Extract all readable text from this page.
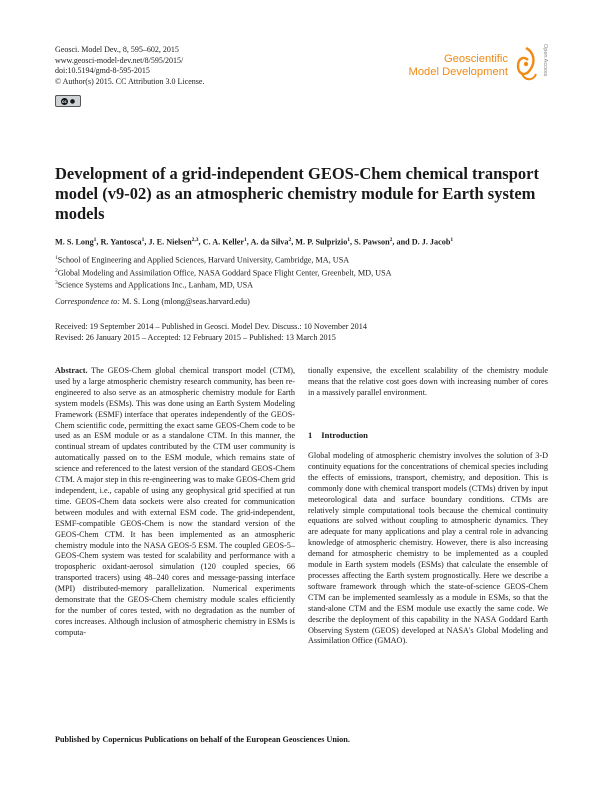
Geosci. Model Dev., 8, 595–602, 2015
www.geosci-model-dev.net/8/595/2015/
doi:10.5194/gmd-8-595-2015
© Author(s) 2015. CC Attribution 3.0 License.
cc ●
Geoscientific
Model Development	Open Access
Development of a grid-independent GEOS-Chem chemical transport model (v9-02) as an atmospheric chemistry module for Earth system models
M. S. Long$^1$, R. Yantosca$^1$, J. E. Nielsen$^{2,3}$, C. A. Keller$^1$, A. da Silva$^2$, M. P. Sulprizio$^1$, S. Pawson$^2$, and D. J. Jacob$^1$
$^1$School of Engineering and Applied Sciences, Harvard University, Cambridge, MA, USA
$^2$Global Modeling and Assimilation Office, NASA Goddard Space Flight Center, Greenbelt, MD, USA
$^3$Science Systems and Applications Inc., Lanham, MD, USA
Correspondence to: M. S. Long (mlong@seas.harvard.edu)
Received: 19 September 2014 – Published in Geosci. Model Dev. Discuss.: 10 November 2014
Revised: 26 January 2015 – Accepted: 12 February 2015 – Published: 13 March 2015

Abstract. The GEOS-Chem global chemical transport model (CTM), used by a large atmospheric chemistry research community, has been re-engineered to also serve as an atmospheric chemistry module for Earth system models (ESMs). This was done using an Earth System Modeling Framework (ESMF) interface that operates independently of the GEOS-Chem scientific code, permitting the exact same GEOS-Chem code to be used as an ESM module or as a standalone CTM. In this manner, the continual stream of updates contributed by the CTM user community is automatically passed on to the ESM module, which remains state of science and referenced to the latest version of the standard GEOS-Chem CTM. A major step in this re-engineering was to make GEOS-Chem grid independent, i.e., capable of using any geophysical grid specified at run time. GEOS-Chem data sockets were also created for communication between modules and with external ESM code. The grid-independent, ESMF-compatible GEOS-Chem is now the standard version of the GEOS-Chem CTM. It has been implemented as an atmospheric chemistry module into the NASA GEOS-5 ESM. The coupled GEOS-5–GEOS-Chem system was tested for scalability and performance with a tropospheric oxidant-aerosol simulation (120 coupled species, 66 transported tracers) using 48–240 cores and message-passing interface (MPI) distributed-memory parallelization. Numerical experiments demonstrate that the GEOS-Chem chemistry module scales efficiently for the number of cores tested, with no degradation as the number of cores increases. Although inclusion of atmospheric chemistry in ESMs is computa-

tionally expensive, the excellent scalability of the chemistry module means that the relative cost goes down with increasing number of cores in a massively parallel environment.

1 Introduction

Global modeling of atmospheric chemistry involves the solution of 3-D continuity equations for the concentrations of chemical species including the effects of emissions, transport, chemistry, and deposition. This is commonly done with chemical transport models (CTMs) driven by input meteorological data and surface boundary conditions. CTMs are relatively simple computational tools because the chemical continuity equations are solved without coupling to atmospheric dynamics. They are adequate for many applications and play a central role in advancing knowledge of atmospheric chemistry. However, there is also increasing demand for atmospheric chemistry to be implemented as a coupled module in Earth system models (ESMs) that calculate the ensemble of processes affecting the Earth system prognostically. Here we describe a software framework through which the state-of-science GEOS-Chem CTM can be implemented seamlessly as a module in ESMs, so that the stand-alone CTM and the ESM module use exactly the same code. We describe the deployment of this capability in the NASA Goddard Earth Observing System (GEOS) developed at NASA's Global Modeling and Assimilation Office (GMAO).

Published by Copernicus Publications on behalf of the European Geosciences Union.
